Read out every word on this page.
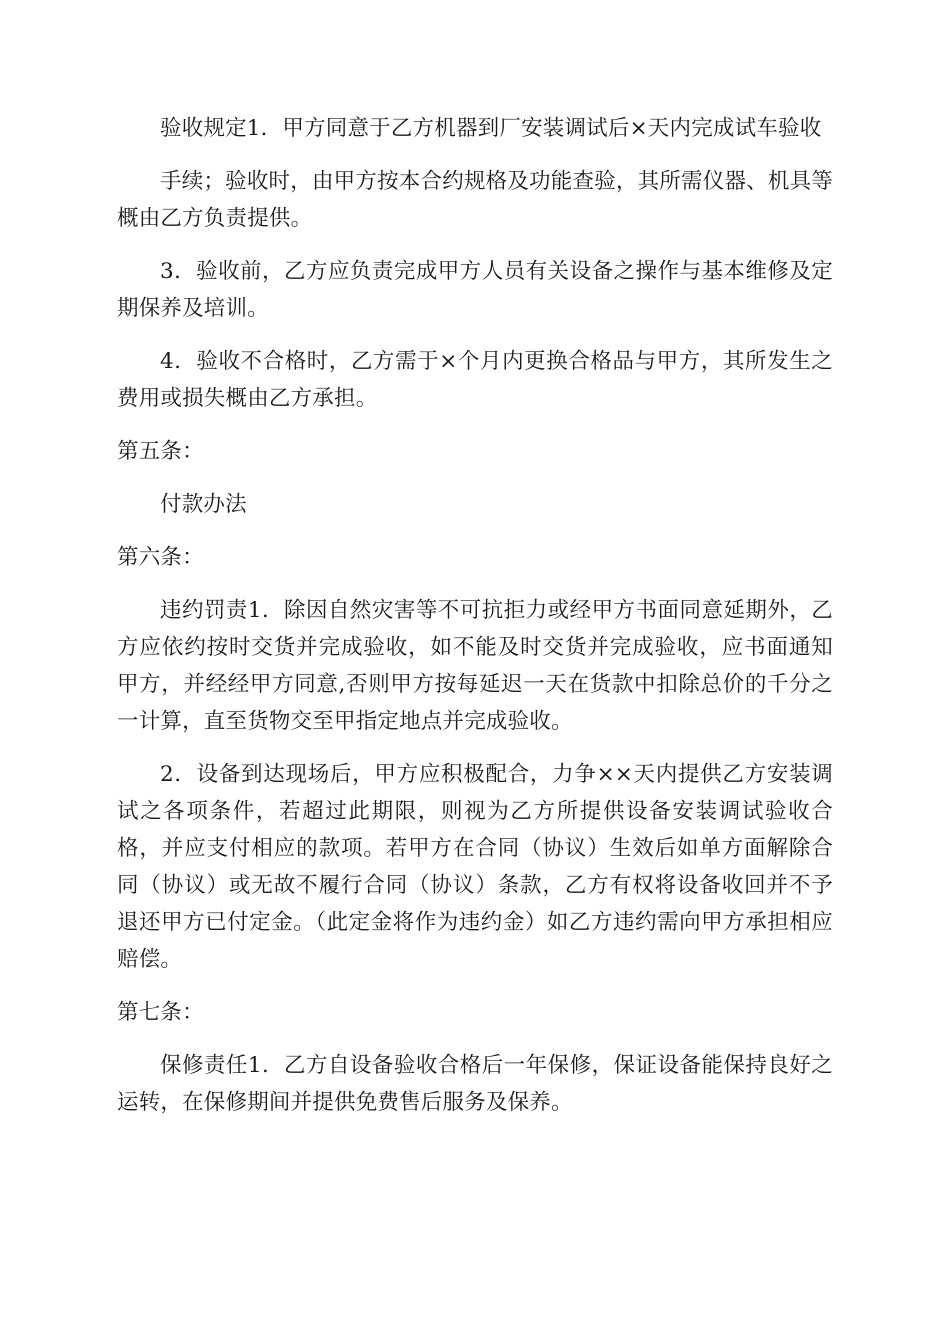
验收规定1．甲方同意于乙方机器到厂安装调试后×天内完成试车验收

手续；验收时，由甲方按本合约规格及功能查验，其所需仪器、机具等概由乙方负责提供。

3．验收前，乙方应负责完成甲方人员有关设备之操作与基本维修及定期保养及培训。

4．验收不合格时，乙方需于×个月内更换合格品与甲方，其所发生之费用或损失概由乙方承担。

第五条：

付款办法

第六条：

违约罚责1．除因自然灾害等不可抗拒力或经甲方书面同意延期外，乙方应依约按时交货并完成验收，如不能及时交货并完成验收，应书面通知甲方，并经经甲方同意,否则甲方按每延迟一天在货款中扣除总价的千分之一计算，直至货物交至甲指定地点并完成验收。

2．设备到达现场后，甲方应积极配合，力争××天内提供乙方安装调试之各项条件，若超过此期限，则视为乙方所提供设备安装调试验收合格，并应支付相应的款项。若甲方在合同（协议）生效后如单方面解除合同（协议）或无故不履行合同（协议）条款，乙方有权将设备收回并不予退还甲方已付定金。（此定金将作为违约金）如乙方违约需向甲方承担相应赔偿。

第七条：

保修责任1．乙方自设备验收合格后一年保修，保证设备能保持良好之运转，在保修期间并提供免费售后服务及保养。
